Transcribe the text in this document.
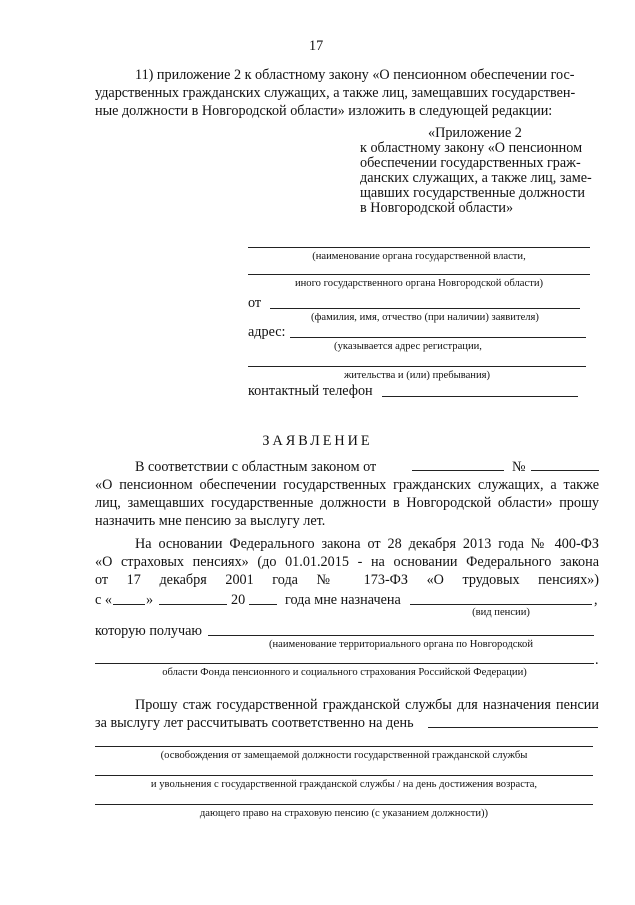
17
11) приложение 2 к областному закону «О пенсионном обеспечении гос-
ударственных гражданских служащих, а также лиц, замещавших государствен-
ные должности в Новгородской области» изложить в следующей редакции:
«Приложение 2
к областному закону «О пенсионном
обеспечении государственных граж-
данских служащих, а также лиц, заме-
щавших государственные должности
в Новгородской области»
(наименование органа государственной власти,
иного государственного органа Новгородской области)
от
(фамилия, имя, отчество (при наличии) заявителя)
адрес:
(указывается адрес регистрации,
жительства и (или) пребывания)
контактный телефон
ЗАЯВЛЕНИЕ
В соответствии с областным законом от	№
«О пенсионном обеспечении государственных гражданских служащих, а также
лиц, замещавших государственные должности в Новгородской области» прошу
назначить мне пенсию за выслугу лет.
На основании Федерального закона от 28 декабря 2013 года № 400-ФЗ
«О страховых пенсиях» (до 01.01.2015 - на основании Федерального закона
от 17 декабря 2001 года № 173-ФЗ «О трудовых пенсиях»)
с « »	20	года мне назначена	,
(вид пенсии)
которую получаю
(наименование территориального органа по Новгородской
.
области Фонда пенсионного и социального страхования Российской Федерации)
Прошу стаж государственной гражданской службы для назначения пенсии
за выслугу лет рассчитывать соответственно на день
(освобождения от замещаемой должности государственной гражданской службы
и увольнения с государственной гражданской службы / на день достижения возраста,
дающего право на страховую пенсию (с указанием должности))
